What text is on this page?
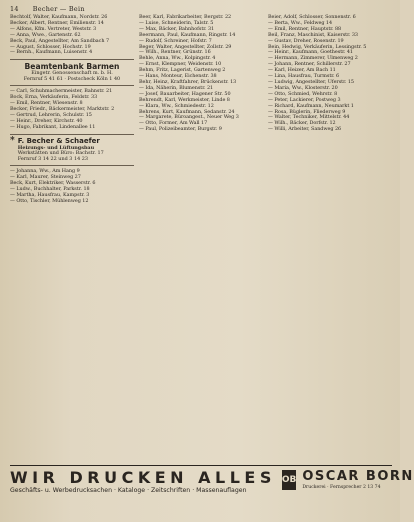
14 Becher — Bein
Bechtolf, Walter, Kaufmann, Nordstr. 26
Becker, Albert, Rentner, Emilienstr. 14
— Alfons, Kfm. Vertreter, Weststr. 3
— Anna, Wwe., Gartenstr. 62
Beck, Paul, Angestellter, Am Sandbach 7
— August, Schlosser, Hochstr. 19
— Bernh., Kaufmann, Luisenstr. 4
Beamtenbank Barmen
Eingetr. Genossenschaft m. b. H.
Fernruf 5 41 61 · Postscheck Köln 1 40
— Carl, Schuhmachermeister, Bahnstr. 21
Bock, Erna, Verkäuferin, Feldstr. 33
— Emil, Rentner, Wiesenstr. 8
Becker, Friedr., Bäckermeister, Marktstr. 2
— Gertrud, Lehrerin, Schulstr. 15
— Heinr., Dreher, Kirchstr. 40
— Hugo, Fabrikant, Lindenallee 11
* F. Becher & Schaefer
Heizungs- und Lüftungsbau
Werkstätten und Büro: Bachstr. 17
Fernruf 3 14 22 und 3 14 23
— Johanna, Ww., Am Hang 9
— Karl, Maurer, Steinweg 27
Beck, Kurt, Elektriker, Wasserstr. 6
— Ludw., Buchhalter, Parkstr. 18
— Martha, Hausfrau, Kampstr. 3
— Otto, Tischler, Mühlenweg 12
Beer, Karl, Fabrikarbeiter, Bergstr. 22
— Luise, Schneiderin, Talstr. 5
— Max, Bäcker, Bahnhofstr. 31
Beermann, Paul, Kaufmann, Ringstr. 14
— Rudolf, Schreiner, Hofstr. 7
Beger, Walter, Angestellter, Zollstr. 29
— Wilh., Rentner, Grünstr. 16
Behle, Anna, Ww., Kolpingstr. 4
— Ernst, Klempner, Weidenstr. 10
Behm, Fritz, Lagerist, Gartenweg 2
— Hans, Monteur, Eichenstr. 38
Behr, Heinz, Kraftfahrer, Brückenstr. 13
— Ida, Näherin, Blumenstr. 21
— Josef, Bauarbeiter, Hagener Str. 50
Behrendt, Karl, Werkmeister, Linde 8
— Klara, Ww., Schmiedestr. 12
Behrens, Kurt, Kaufmann, Sedanstr. 24
— Margarete, Büroangest., Neuer Weg 3
— Otto, Former, Am Wall 17
— Paul, Polizeibeamter, Burgstr. 9
Beier, Adolf, Schlosser, Sonnenstr. 6
— Berta, Ww., Feldweg 14
— Emil, Rentner, Hauptstr. 88
Beil, Franz, Maschinist, Kaiserstr. 33
— Gustav, Dreher, Rosenstr. 19
Bein, Hedwig, Verkäuferin, Lessingstr. 5
— Heinr., Kaufmann, Goethestr. 41
— Hermann, Zimmerer, Ulmenweg 2
— Johann, Rentner, Schillerstr. 27
— Karl, Heizer, Am Bach 11
— Lina, Hausfrau, Turmstr. 6
— Ludwig, Angestellter, Uferstr. 15
— Maria, Ww., Klosterstr. 20
— Otto, Schmied, Wehrstr. 8
— Peter, Lackierer, Postweg 3
— Richard, Kaufmann, Neumarkt 1
— Rosa, Büglerin, Fliederweg 9
— Walter, Techniker, Mittelstr. 44
— Wilh., Bäcker, Dorfstr. 12
— Willi, Arbeiter, Sandweg 26
WIR DRUCKEN ALLES
Geschäfts- u. Werbedrucksachen · Kataloge · Zeitschriften · Massenauflagen
OB OSCAR BORN
Druckerei · Fernsprecher 2 13 74
